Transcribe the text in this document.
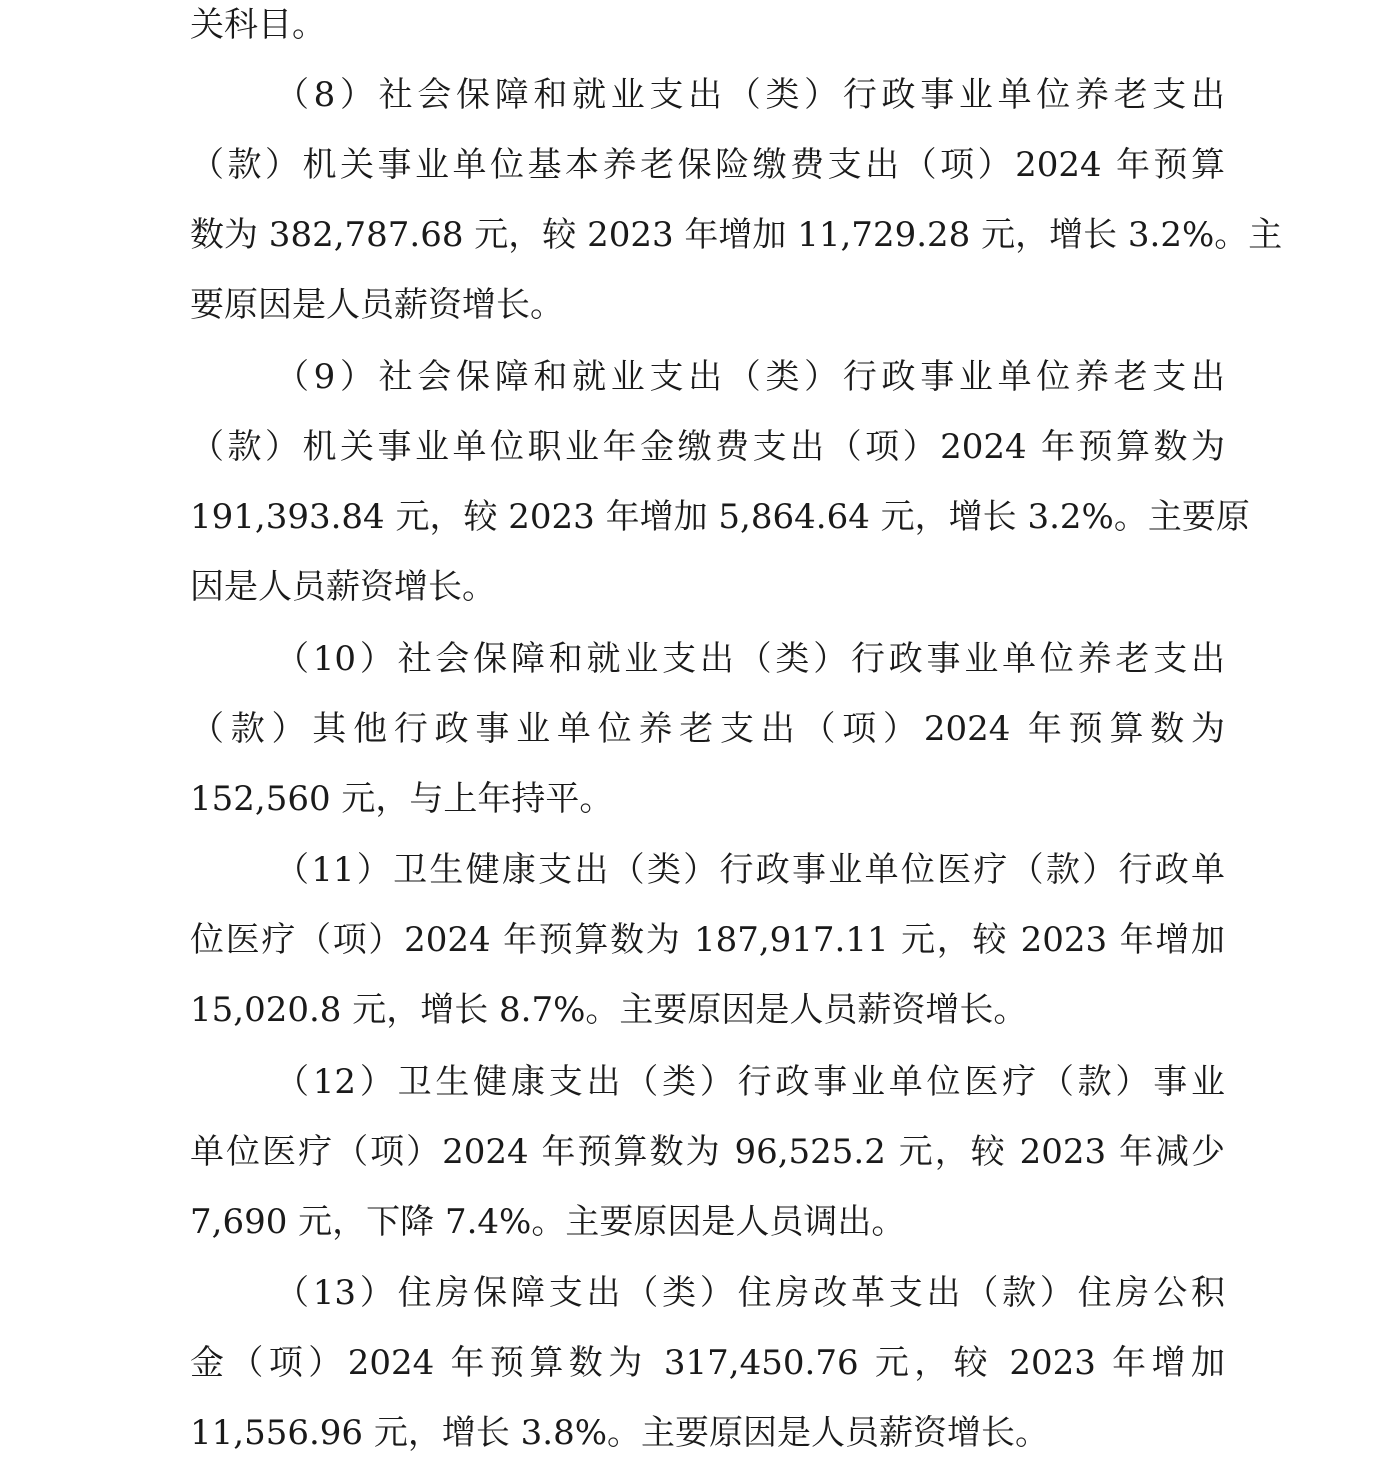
关科目。
（8）社会保障和就业支出（类）行政事业单位养老支出
（款）机关事业单位基本养老保险缴费支出（项）2024 年预算
数为 382,787.68 元，较 2023 年增加 11,729.28 元，增长 3.2%。主
要原因是人员薪资增长。
（9）社会保障和就业支出（类）行政事业单位养老支出
（款）机关事业单位职业年金缴费支出（项）2024 年预算数为
191,393.84 元，较 2023 年增加 5,864.64 元，增长 3.2%。主要原
因是人员薪资增长。
（10）社会保障和就业支出（类）行政事业单位养老支出
（款）其他行政事业单位养老支出（项）2024 年预算数为
152,560 元，与上年持平。
（11）卫生健康支出（类）行政事业单位医疗（款）行政单
位医疗（项）2024 年预算数为 187,917.11 元，较 2023 年增加
15,020.8 元，增长 8.7%。主要原因是人员薪资增长。
（12）卫生健康支出（类）行政事业单位医疗（款）事业
单位医疗（项）2024 年预算数为 96,525.2 元，较 2023 年减少
7,690 元，下降 7.4%。主要原因是人员调出。
（13）住房保障支出（类）住房改革支出（款）住房公积
金（项）2024 年预算数为 317,450.76 元，较 2023 年增加
11,556.96 元，增长 3.8%。主要原因是人员薪资增长。
